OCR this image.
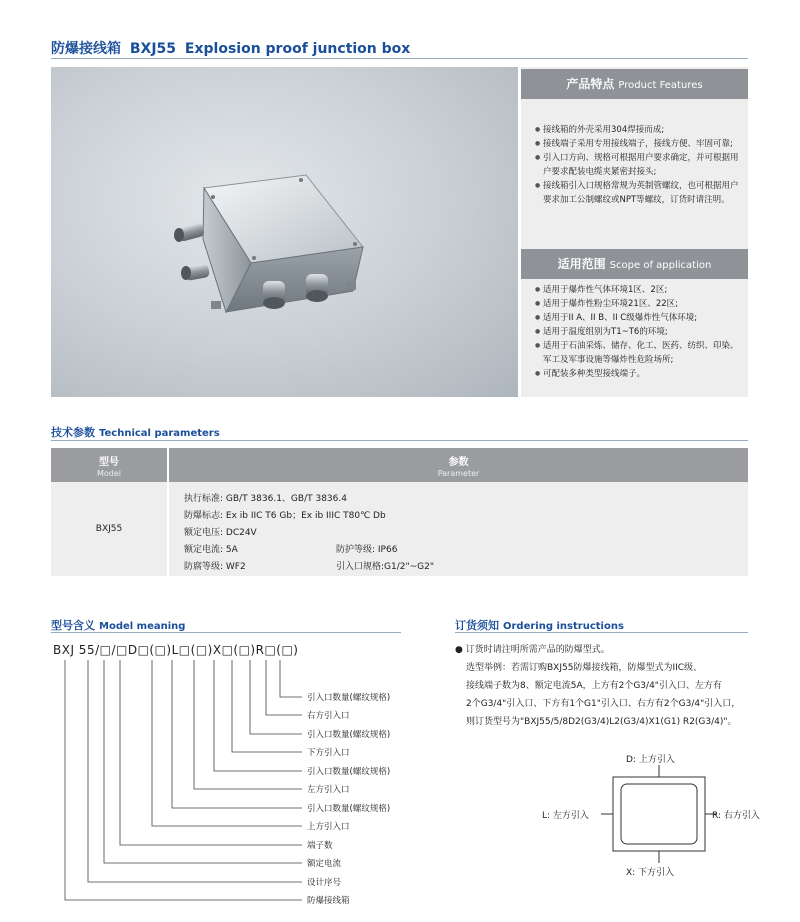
防爆接线箱 BXJ55 Explosion proof junction box
产品特点 Product Features
● 接线箱的外壳采用304焊接而成;
● 接线端子采用专用接线端子，接线方便、牢固可靠;
● 引入口方向、规格可根据用户要求确定，并可根据用户要求配装电缆夹紧密封接头;
● 接线箱引入口规格常规为英制管螺纹，也可根据用户要求加工公制螺纹或NPT等螺纹，订货时请注明。
适用范围 Scope of application
● 适用于爆炸性气体环境1区、2区;
● 适用于爆炸性粉尘环境21区、22区;
● 适用于II A、II B、II C级爆炸性气体环境;
● 适用于温度组别为T1~T6的环境;
● 适用于石油采炼、储存、化工、医药、纺织、印染、军工及军事设施等爆炸性危险场所;
● 可配装多种类型接线端子。
技术参数 Technical parameters
型号
Model
参数
Parameter
BXJ55
执行标准: GB/T 3836.1、GB/T 3836.4
防爆标志: Ex ib IIC T6 Gb；Ex ib IIIC T80℃ Db
额定电压: DC24V
额定电流: 5A	防护等级: IP66
防腐等级: WF2	引入口规格:G1/2"~G2"
型号含义 Model meaning
BXJ 55/□/□D□(□)L□(□)X□(□)R□(□)
引入口数量(螺纹规格)
右方引入口
引入口数量(螺纹规格)
下方引入口
引入口数量(螺纹规格)
左方引入口
引入口数量(螺纹规格)
上方引入口
端子数
额定电流
设计序号
防爆接线箱
订货须知 Ordering instructions
● 订货时请注明所需产品的防爆型式。
选型举例：若需订购BXJ55防爆接线箱，防爆型式为IIC级、
接线端子数为8、额定电流5A，上方有2个G3/4"引入口、左方有
2个G3/4"引入口、下方有1个G1"引入口、右方有2个G3/4"引入口，
则订货型号为"BXJ55/5/8D2(G3/4)L2(G3/4)X1(G1) R2(G3/4)"。
D: 上方引入
L: 左方引入	R: 右方引入
X: 下方引入
